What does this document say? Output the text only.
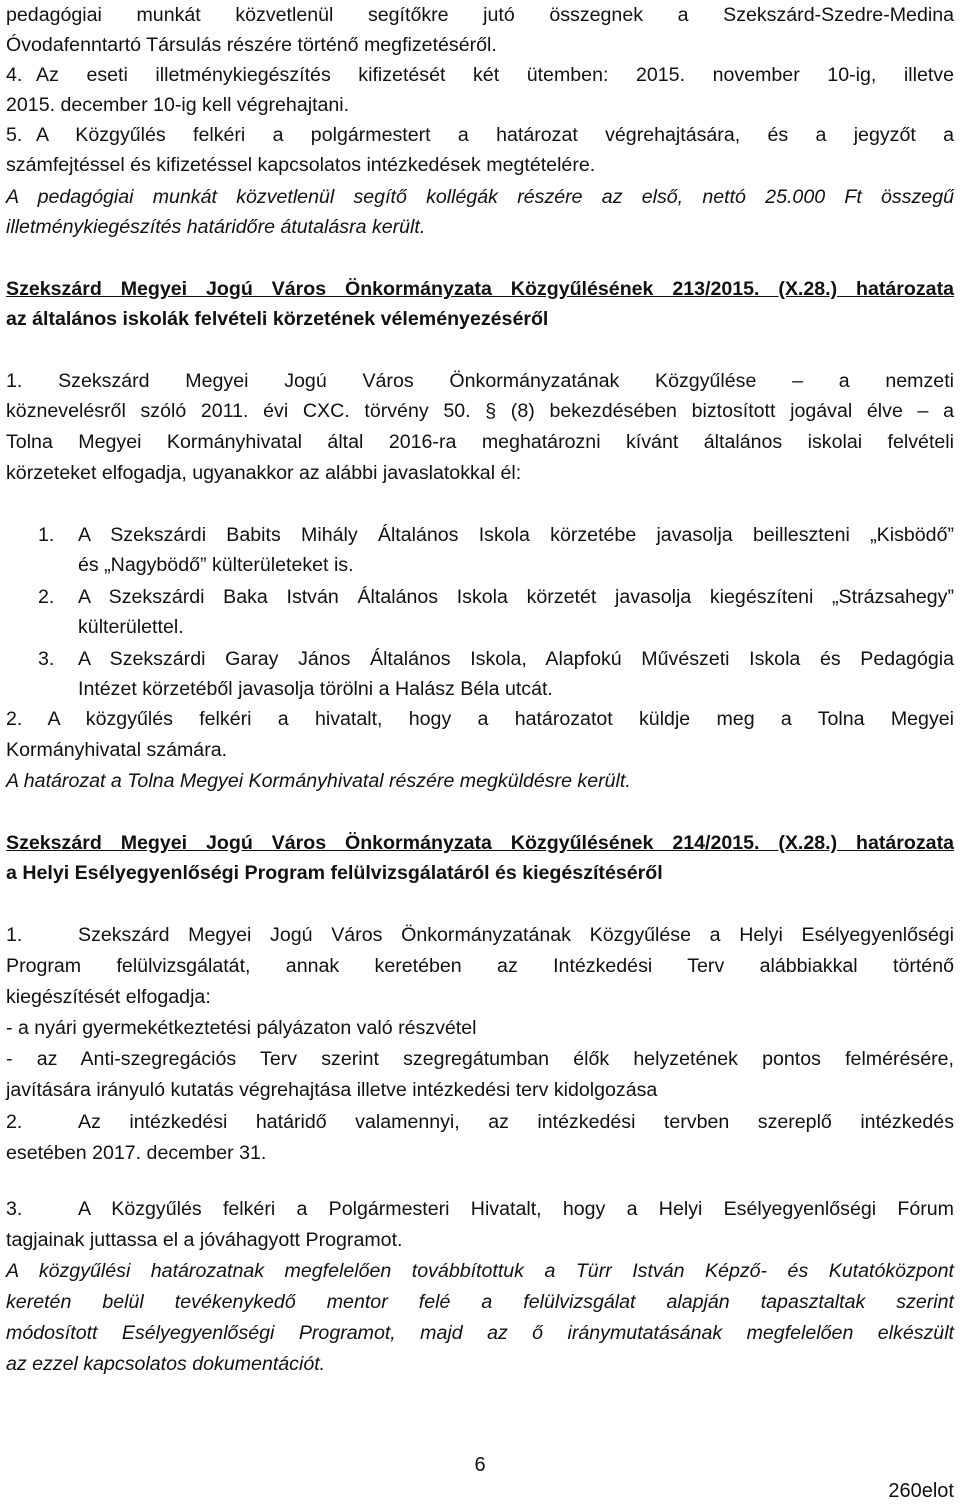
pedagógiai munkát közvetlenül segítőkre jutó összegnek a Szekszárd-Szedre-Medina
Óvodafenntartó Társulás részére történő megfizetéséről.
4. Az eseti illetménykiegészítés kifizetését két ütemben: 2015. november 10-ig, illetve
2015. december 10-ig kell végrehajtani.
5. A Közgyűlés felkéri a polgármestert a határozat végrehajtására, és a jegyzőt a
számfejtéssel és kifizetéssel kapcsolatos intézkedések megtételére.
A pedagógiai munkát közvetlenül segítő kollégák részére az első, nettó 25.000 Ft összegű
illetménykiegészítés határidőre átutalásra került.
Szekszárd Megyei Jogú Város Önkormányzata Közgyűlésének 213/2015. (X.28.) határozata
az általános iskolák felvételi körzetének véleményezéséről
1. Szekszárd Megyei Jogú Város Önkormányzatának Közgyűlése – a nemzeti
köznevelésről szóló 2011. évi CXC. törvény 50. § (8) bekezdésében biztosított jogával élve – a
Tolna Megyei Kormányhivatal által 2016-ra meghatározni kívánt általános iskolai felvételi
körzeteket elfogadja, ugyanakkor az alábbi javaslatokkal él:
1. A Szekszárdi Babits Mihály Általános Iskola körzetébe javasolja beilleszteni „Kisbödő”
és „Nagybödő” külterületeket is.
2. A Szekszárdi Baka István Általános Iskola körzetét javasolja kiegészíteni „Strázsahegy”
külterülettel.
3. A Szekszárdi Garay János Általános Iskola, Alapfokú Művészeti Iskola és Pedagógia
Intézet körzetéből javasolja törölni a Halász Béla utcát.
2. A közgyűlés felkéri a hivatalt, hogy a határozatot küldje meg a Tolna Megyei
Kormányhivatal számára.
A határozat a Tolna Megyei Kormányhivatal részére megküldésre került.
Szekszárd Megyei Jogú Város Önkormányzata Közgyűlésének 214/2015. (X.28.) határozata
a Helyi Esélyegyenlőségi Program felülvizsgálatáról és kiegészítéséről
1.	Szekszárd Megyei Jogú Város Önkormányzatának Közgyűlése a Helyi Esélyegyenlőségi
Program felülvizsgálatát, annak keretében az Intézkedési Terv alábbiakkal történő
kiegészítését elfogadja:
- a nyári gyermekétkeztetési pályázaton való részvétel
- az Anti-szegregációs Terv szerint szegregátumban élők helyzetének pontos felmérésére,
javítására irányuló kutatás végrehajtása illetve intézkedési terv kidolgozása
2.	Az intézkedési határidő valamennyi, az intézkedési tervben szereplő intézkedés
esetében 2017. december 31.
3.	A Közgyűlés felkéri a Polgármesteri Hivatalt, hogy a Helyi Esélyegyenlőségi Fórum
tagjainak juttassa el a jóváhagyott Programot.
A közgyűlési határozatnak megfelelően továbbítottuk a Türr István Képző- és Kutatóközpont
keretén belül tevékenykedő mentor felé a felülvizsgálat alapján tapasztaltak szerint
módosított Esélyegyenlőségi Programot, majd az ő iránymutatásának megfelelően elkészült
az ezzel kapcsolatos dokumentációt.
6
260elot
